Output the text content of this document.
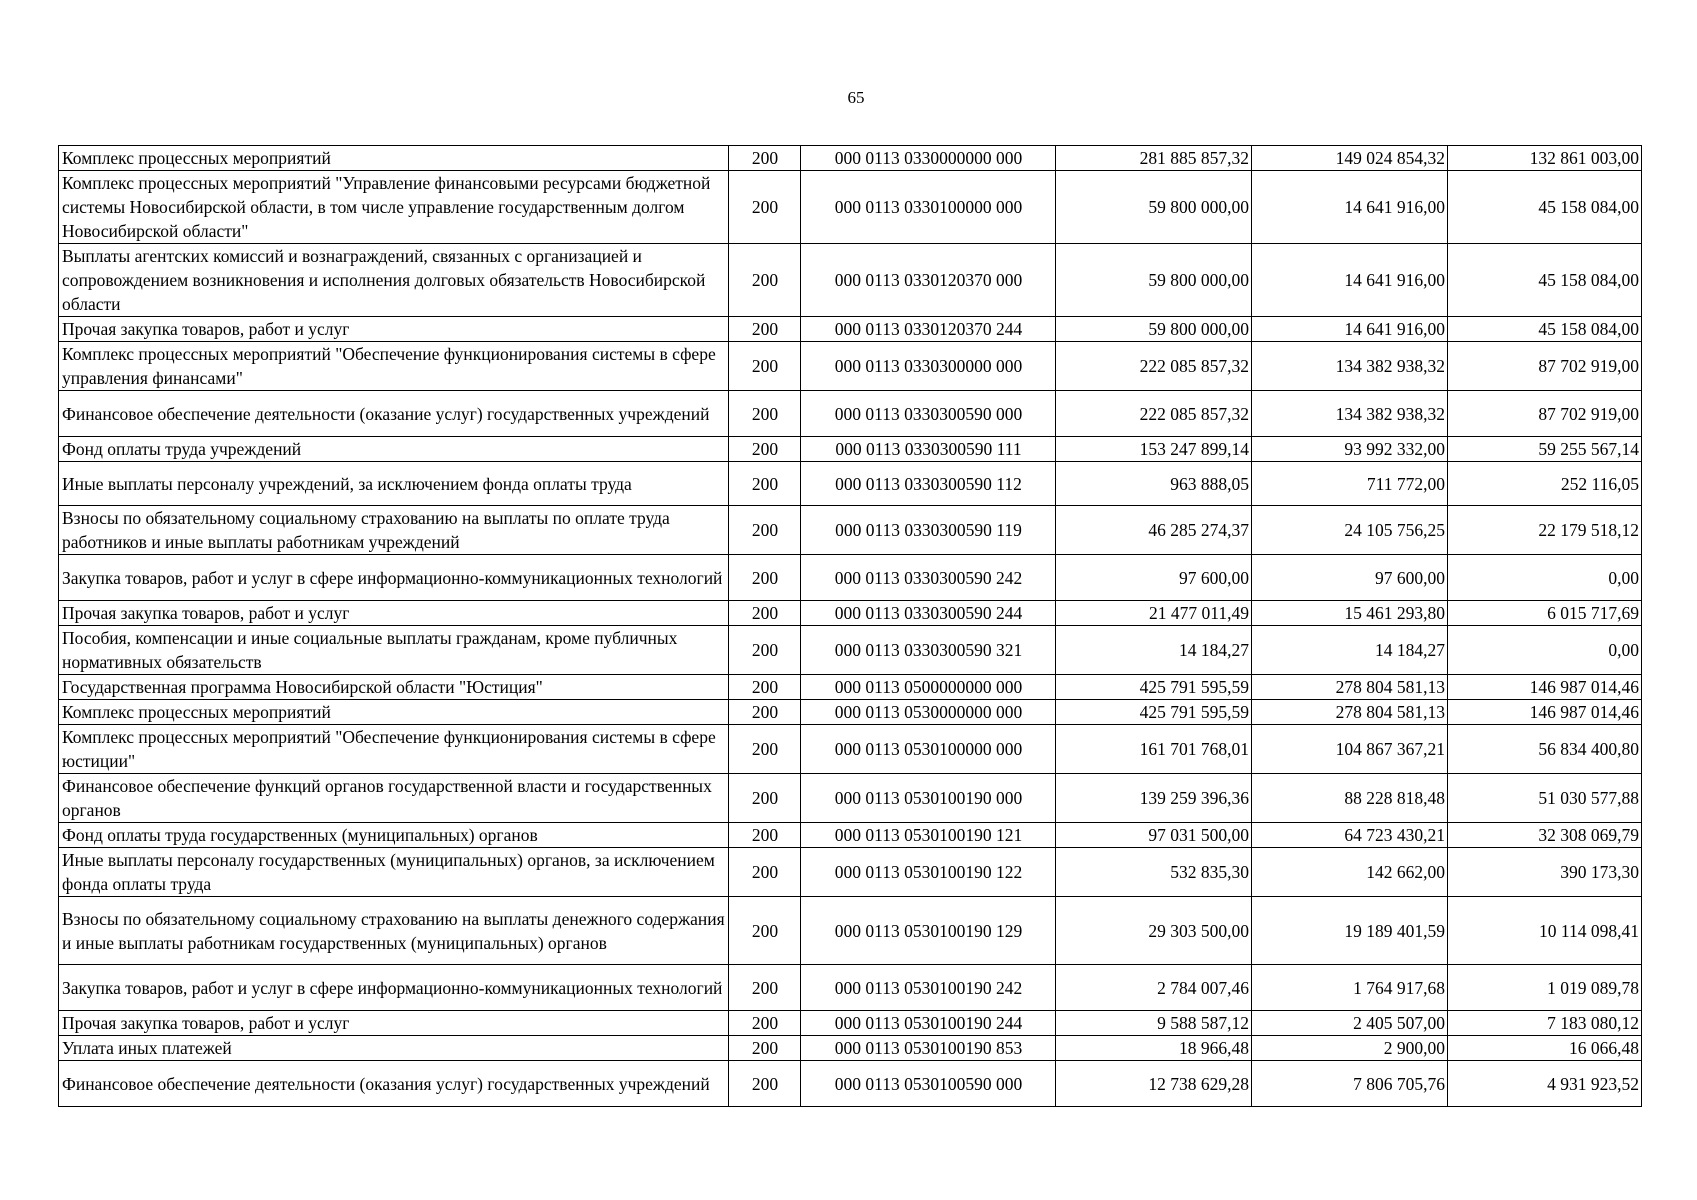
65
Комплекс процессных мероприятий	200	000 0113 0330000000 000	281 885 857,32	149 024 854,32	132 861 003,00
Комплекс процессных мероприятий "Управление финансовыми ресурсами бюджетной системы Новосибирской области, в том числе управление государственным долгом Новосибирской области"	200	000 0113 0330100000 000	59 800 000,00	14 641 916,00	45 158 084,00
Выплаты агентских комиссий и вознаграждений, связанных с организацией и сопровождением возникновения и исполнения долговых обязательств Новосибирской области	200	000 0113 0330120370 000	59 800 000,00	14 641 916,00	45 158 084,00
Прочая закупка товаров, работ и услуг	200	000 0113 0330120370 244	59 800 000,00	14 641 916,00	45 158 084,00
Комплекс процессных мероприятий "Обеспечение функционирования системы в сфере управления финансами"	200	000 0113 0330300000 000	222 085 857,32	134 382 938,32	87 702 919,00
Финансовое обеспечение деятельности (оказание услуг) государственных учреждений	200	000 0113 0330300590 000	222 085 857,32	134 382 938,32	87 702 919,00
Фонд оплаты труда учреждений	200	000 0113 0330300590 111	153 247 899,14	93 992 332,00	59 255 567,14
Иные выплаты персоналу учреждений, за исключением фонда оплаты труда	200	000 0113 0330300590 112	963 888,05	711 772,00	252 116,05
Взносы по обязательному социальному страхованию на выплаты по оплате труда работников и иные выплаты работникам учреждений	200	000 0113 0330300590 119	46 285 274,37	24 105 756,25	22 179 518,12
Закупка товаров, работ и услуг в сфере информационно-коммуникационных технологий	200	000 0113 0330300590 242	97 600,00	97 600,00	0,00
Прочая закупка товаров, работ и услуг	200	000 0113 0330300590 244	21 477 011,49	15 461 293,80	6 015 717,69
Пособия, компенсации и иные социальные выплаты гражданам, кроме публичных нормативных обязательств	200	000 0113 0330300590 321	14 184,27	14 184,27	0,00
Государственная программа Новосибирской области "Юстиция"	200	000 0113 0500000000 000	425 791 595,59	278 804 581,13	146 987 014,46
Комплекс процессных мероприятий	200	000 0113 0530000000 000	425 791 595,59	278 804 581,13	146 987 014,46
Комплекс процессных мероприятий "Обеспечение функционирования системы в сфере юстиции"	200	000 0113 0530100000 000	161 701 768,01	104 867 367,21	56 834 400,80
Финансовое обеспечение функций органов государственной власти и государственных органов	200	000 0113 0530100190 000	139 259 396,36	88 228 818,48	51 030 577,88
Фонд оплаты труда государственных (муниципальных) органов	200	000 0113 0530100190 121	97 031 500,00	64 723 430,21	32 308 069,79
Иные выплаты персоналу государственных (муниципальных) органов, за исключением фонда оплаты труда	200	000 0113 0530100190 122	532 835,30	142 662,00	390 173,30
Взносы по обязательному социальному страхованию на выплаты денежного содержания и иные выплаты работникам государственных (муниципальных) органов	200	000 0113 0530100190 129	29 303 500,00	19 189 401,59	10 114 098,41
Закупка товаров, работ и услуг в сфере информационно-коммуникационных технологий	200	000 0113 0530100190 242	2 784 007,46	1 764 917,68	1 019 089,78
Прочая закупка товаров, работ и услуг	200	000 0113 0530100190 244	9 588 587,12	2 405 507,00	7 183 080,12
Уплата иных платежей	200	000 0113 0530100190 853	18 966,48	2 900,00	16 066,48
Финансовое обеспечение деятельности (оказания услуг) государственных учреждений	200	000 0113 0530100590 000	12 738 629,28	7 806 705,76	4 931 923,52
